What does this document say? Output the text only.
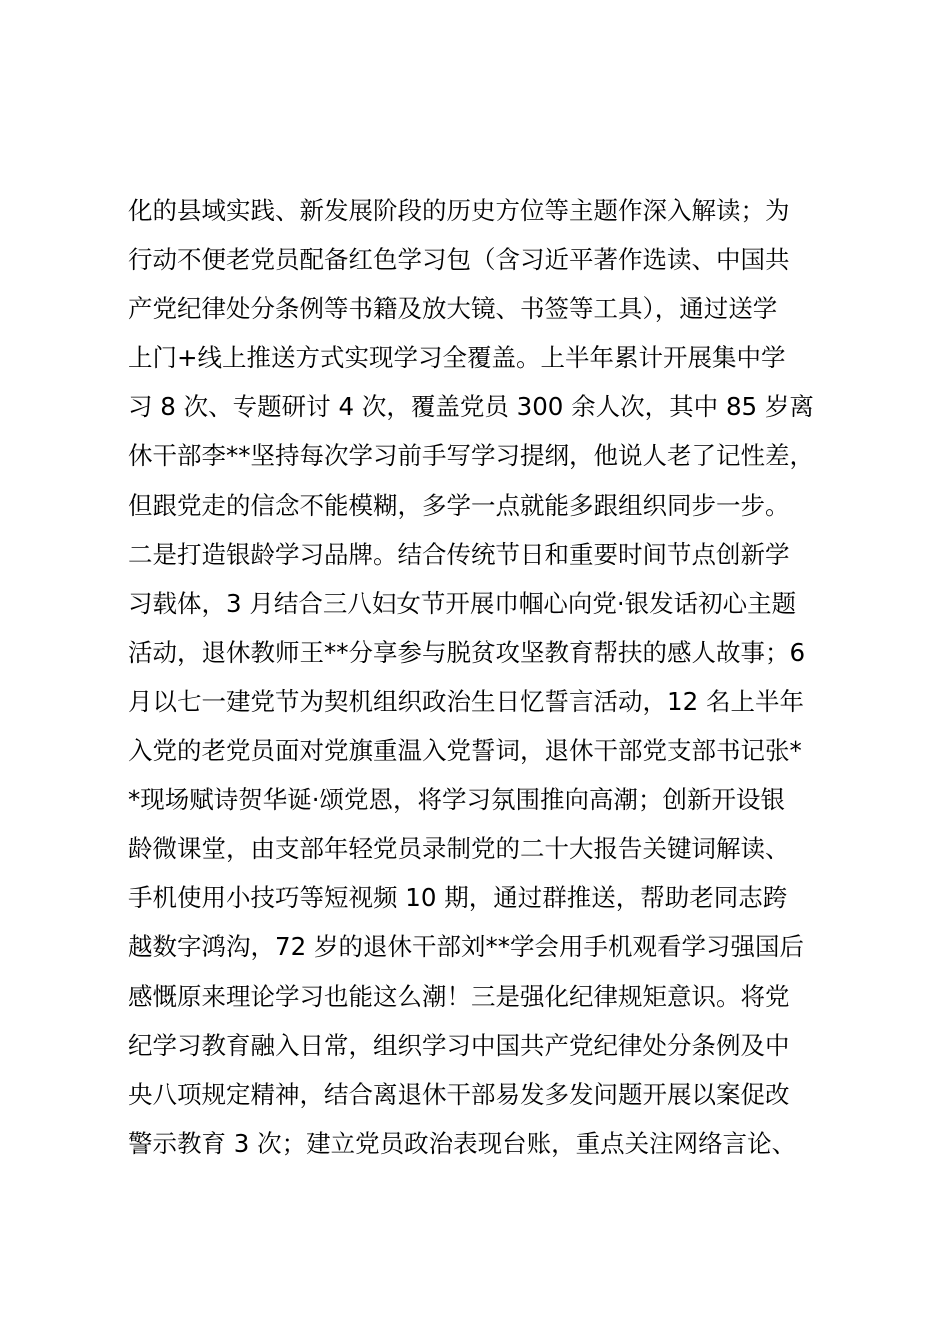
化的县域实践、新发展阶段的历史方位等主题作深入解读；为
行动不便老党员配备红色学习包（含习近平著作选读、中国共
产党纪律处分条例等书籍及放大镜、书签等工具），通过送学
上门+线上推送方式实现学习全覆盖。上半年累计开展集中学
习 8 次、专题研讨 4 次，覆盖党员 300 余人次，其中 85 岁离
休干部李**坚持每次学习前手写学习提纲，他说人老了记性差，
但跟党走的信念不能模糊，多学一点就能多跟组织同步一步。
二是打造银龄学习品牌。结合传统节日和重要时间节点创新学
习载体，3 月结合三八妇女节开展巾帼心向党·银发话初心主题
活动，退休教师王**分享参与脱贫攻坚教育帮扶的感人故事；6
月以七一建党节为契机组织政治生日忆誓言活动，12 名上半年
入党的老党员面对党旗重温入党誓词，退休干部党支部书记张*
*现场赋诗贺华诞·颂党恩，将学习氛围推向高潮；创新开设银
龄微课堂，由支部年轻党员录制党的二十大报告关键词解读、
手机使用小技巧等短视频 10 期，通过群推送，帮助老同志跨
越数字鸿沟，72 岁的退休干部刘**学会用手机观看学习强国后
感慨原来理论学习也能这么潮！三是强化纪律规矩意识。将党
纪学习教育融入日常，组织学习中国共产党纪律处分条例及中
央八项规定精神，结合离退休干部易发多发问题开展以案促改
警示教育 3 次；建立党员政治表现台账，重点关注网络言论、
